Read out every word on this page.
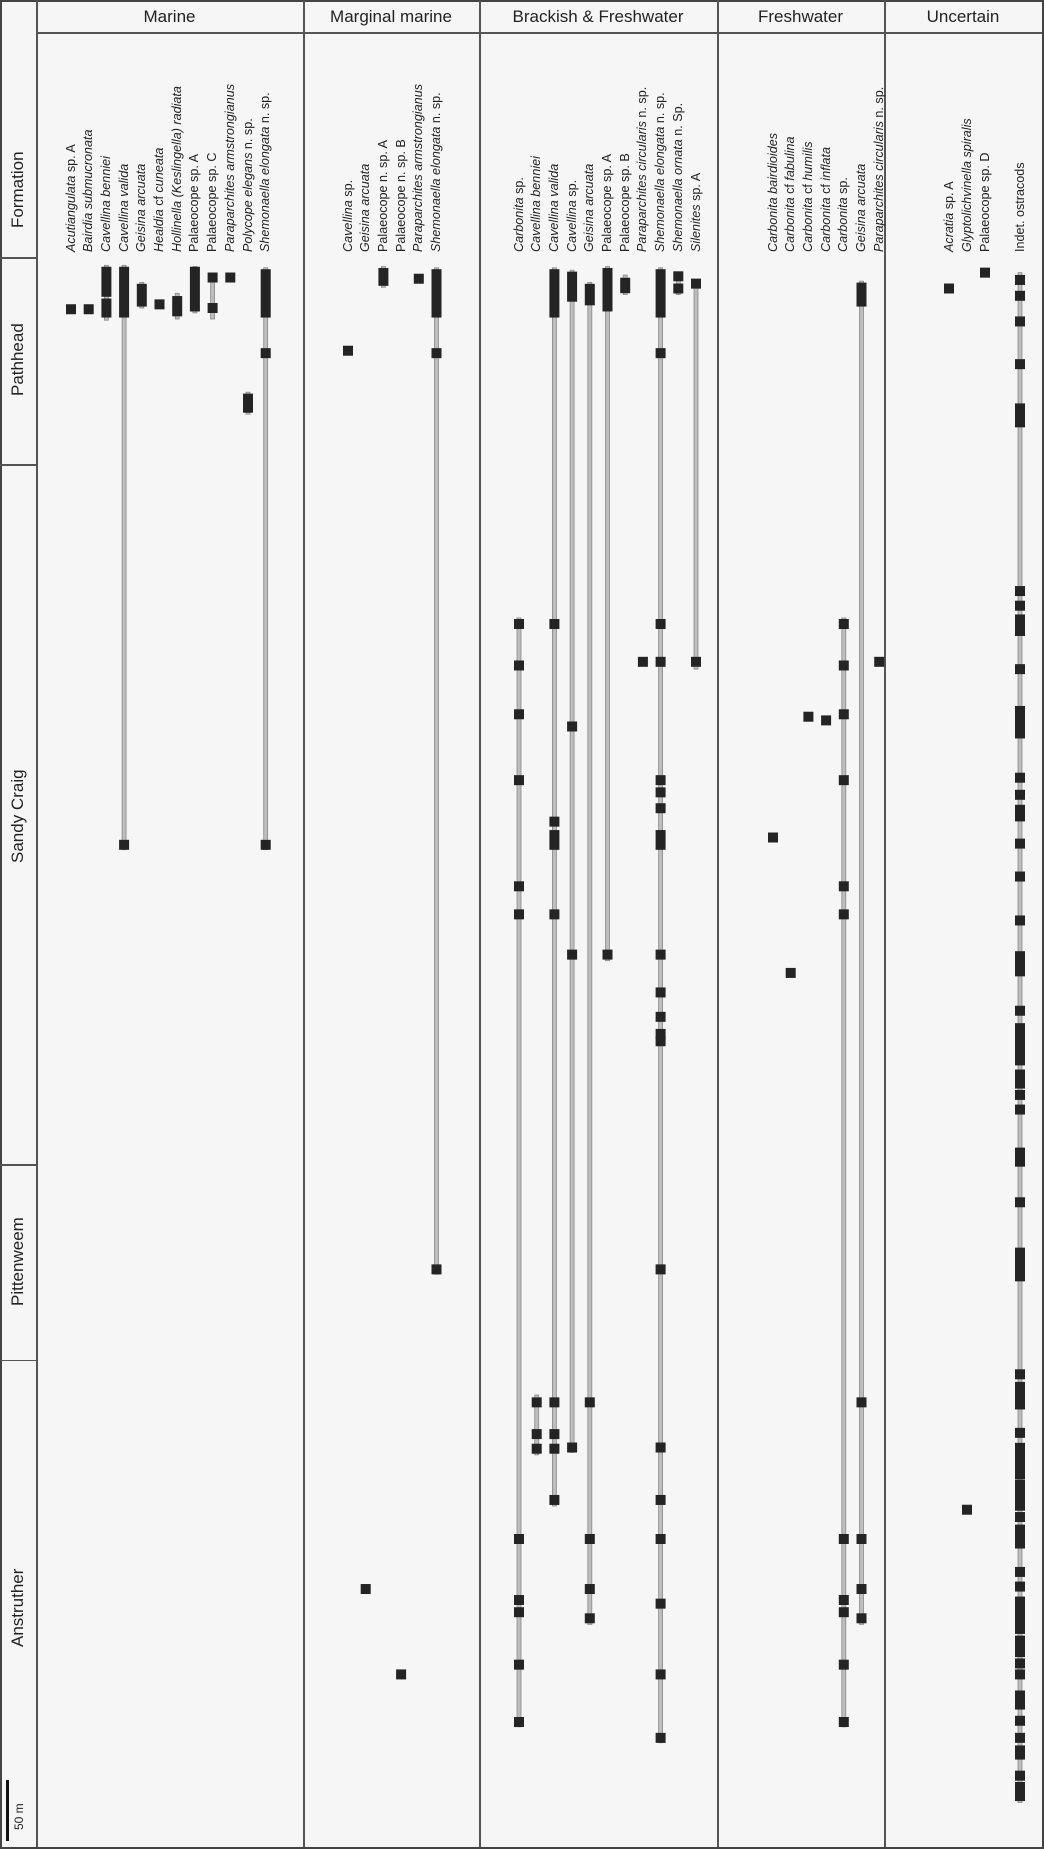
Pathhead
Sandy Craig
Pittenweem
Anstruther
50 m
Marine
Acutiangulata sp. A Bairdia submucronata Cavellina benniei Cavellina valida Geisina arcuata Healdia cf cuneata Hollinella (Keslingella) radiata Palaeocope sp. A
Palaeocope sp. C Paraparchites armstrongianus Polycope elegans n. sp. Shemonaella elongata n. sp.
Marginal marine
Cavellina sp. Geisina arcuata Palaeocope n. sp. A
Palaeocope n. sp. B Paraparchites armstrongianus Shemonaella elongata n. sp.
Brackish & Freshwater
Carbonita sp. Cavellina benniei Cavellina valida Cavellina sp. Geisina arcuata Palaeocope sp. A
Palaeocope sp. B Paraparchites circularis n. sp.
Shemonaella elongata n. sp.
Shemonaella ornata n. Sp.
Silenites sp. A
Freshwater
Carbonita bairdioides Carbonita cf fabulina
Carbonita cf humilis
Carbonita cf inflata
Carbonita sp. Geisina arcuata Paraparchites circularis n. sp.
Uncertain
Acratia sp. A Glyptolichvinella spiralis Palaeocope sp. D Indet. ostracods
Formation
